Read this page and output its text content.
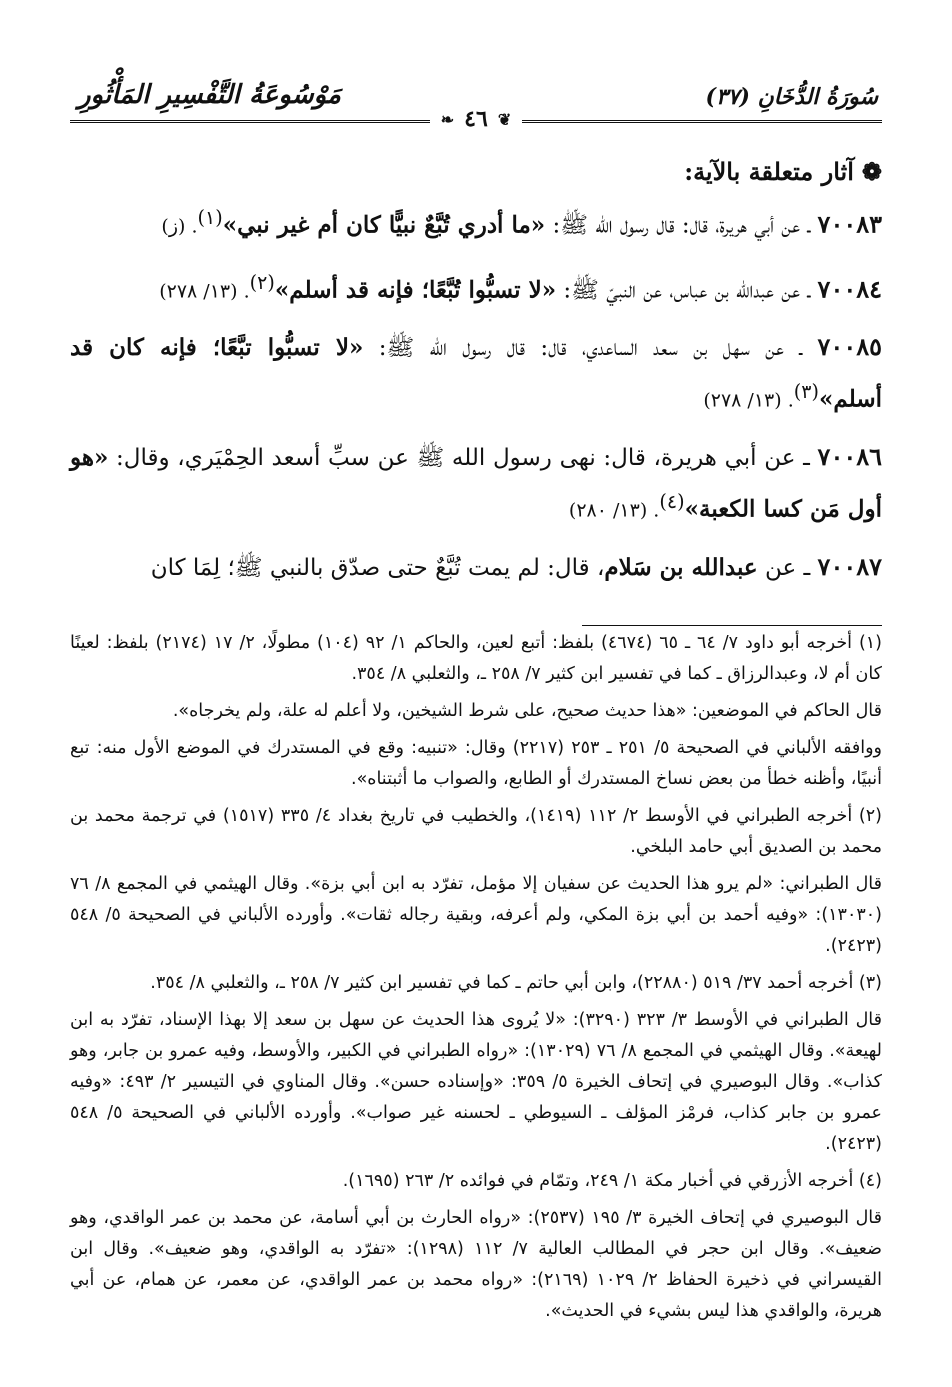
مَوْسُوعَةُ التَّفْسِيرِ المَأْثُورِ	سُورَةُ الدُّخَانِ (٣٧)
❦
٤٦
❧
❁آثار متعلقة بالآية:
٧٠٠٨٣ ـ عن أبي هريرة، قال: قال رسول الله ﷺ: «ما أدري تُبَّعٌ نبيًّا كان أم غير نبي»$^{(١)}$. (ز)
٧٠٠٨٤ ـ عن عبدالله بن عباس، عن النبيّ ﷺ: «لا تسبُّوا تُبَّعًا؛ فإنه قد أسلم»$^{(٢)}$. (١٣/ ٢٧٨)
٧٠٠٨٥ ـ عن سهل بن سعد الساعدي، قال: قال رسول الله ﷺ: «لا تسبُّوا تبَّعًا؛ فإنه كان قد أسلم»$^{(٣)}$. (١٣/ ٢٧٨)
٧٠٠٨٦ ـ عن أبي هريرة، قال: نهى رسول الله ﷺ عن سبِّ أسعد الحِمْيَري، وقال: «هو أول مَن كسا الكعبة»$^{(٤)}$. (١٣/ ٢٨٠)
٧٠٠٨٧ ـ عن عبدالله بن سَلام، قال: لم يمت تُبَّعٌ حتى صدّق بالنبي ﷺ؛ لِمَا كان

(١) أخرجه أبو داود ٧/ ٦٤ ـ ٦٥ (٤٦٧٤) بلفظ: أتبع لعين، والحاكم ١/ ٩٢ (١٠٤) مطولًا، ٢/ ١٧ (٢١٧٤) بلفظ: لعينًا كان أم لا، وعبدالرزاق ـ كما في تفسير ابن كثير ٧/ ٢٥٨ ـ، والثعلبي ٨/ ٣٥٤.

قال الحاكم في الموضعين: «هذا حديث صحيح، على شرط الشيخين، ولا أعلم له علة، ولم يخرجاه».

ووافقه الألباني في الصحيحة ٥/ ٢٥١ ـ ٢٥٣ (٢٢١٧) وقال: «تنبيه: وقع في المستدرك في الموضع الأول منه: تبع أنبيًا، وأظنه خطأ من بعض نساخ المستدرك أو الطابع، والصواب ما أثبتناه».

(٢) أخرجه الطبراني في الأوسط ٢/ ١١٢ (١٤١٩)، والخطيب في تاريخ بغداد ٤/ ٣٣٥ (١٥١٧) في ترجمة محمد بن محمد بن الصديق أبي حامد البلخي.

قال الطبراني: «لم يرو هذا الحديث عن سفيان إلا مؤمل، تفرّد به ابن أبي بزة». وقال الهيثمي في المجمع ٨/ ٧٦ (١٣٠٣٠): «وفيه أحمد بن أبي بزة المكي، ولم أعرفه، وبقية رجاله ثقات». وأورده الألباني في الصحيحة ٥/ ٥٤٨ (٢٤٢٣).

(٣) أخرجه أحمد ٣٧/ ٥١٩ (٢٢٨٨٠)، وابن أبي حاتم ـ كما في تفسير ابن كثير ٧/ ٢٥٨ ـ، والثعلبي ٨/ ٣٥٤.

قال الطبراني في الأوسط ٣/ ٣٢٣ (٣٢٩٠): «لا يُروى هذا الحديث عن سهل بن سعد إلا بهذا الإسناد، تفرّد به ابن لهيعة». وقال الهيثمي في المجمع ٨/ ٧٦ (١٣٠٢٩): «رواه الطبراني في الكبير، والأوسط، وفيه عمرو بن جابر، وهو كذاب». وقال البوصيري في إتحاف الخيرة ٥/ ٣٥٩: «وإسناده حسن». وقال المناوي في التيسير ٢/ ٤٩٣: «وفيه عمرو بن جابر كذاب، فرمْز المؤلف ـ السيوطي ـ لحسنه غير صواب». وأورده الألباني في الصحيحة ٥/ ٥٤٨ (٢٤٢٣).

(٤) أخرجه الأزرقي في أخبار مكة ١/ ٢٤٩، وتمّام في فوائده ٢/ ٢٦٣ (١٦٩٥).

قال البوصيري في إتحاف الخيرة ٣/ ١٩٥ (٢٥٣٧): «رواه الحارث بن أبي أسامة، عن محمد بن عمر الواقدي، وهو ضعيف». وقال ابن حجر في المطالب العالية ٧/ ١١٢ (١٢٩٨): «تفرّد به الواقدي، وهو ضعيف». وقال ابن القيسراني في ذخيرة الحفاظ ٢/ ١٠٢٩ (٢١٦٩): «رواه محمد بن عمر الواقدي، عن معمر، عن همام، عن أبي هريرة، والواقدي هذا ليس بشيء في الحديث».
